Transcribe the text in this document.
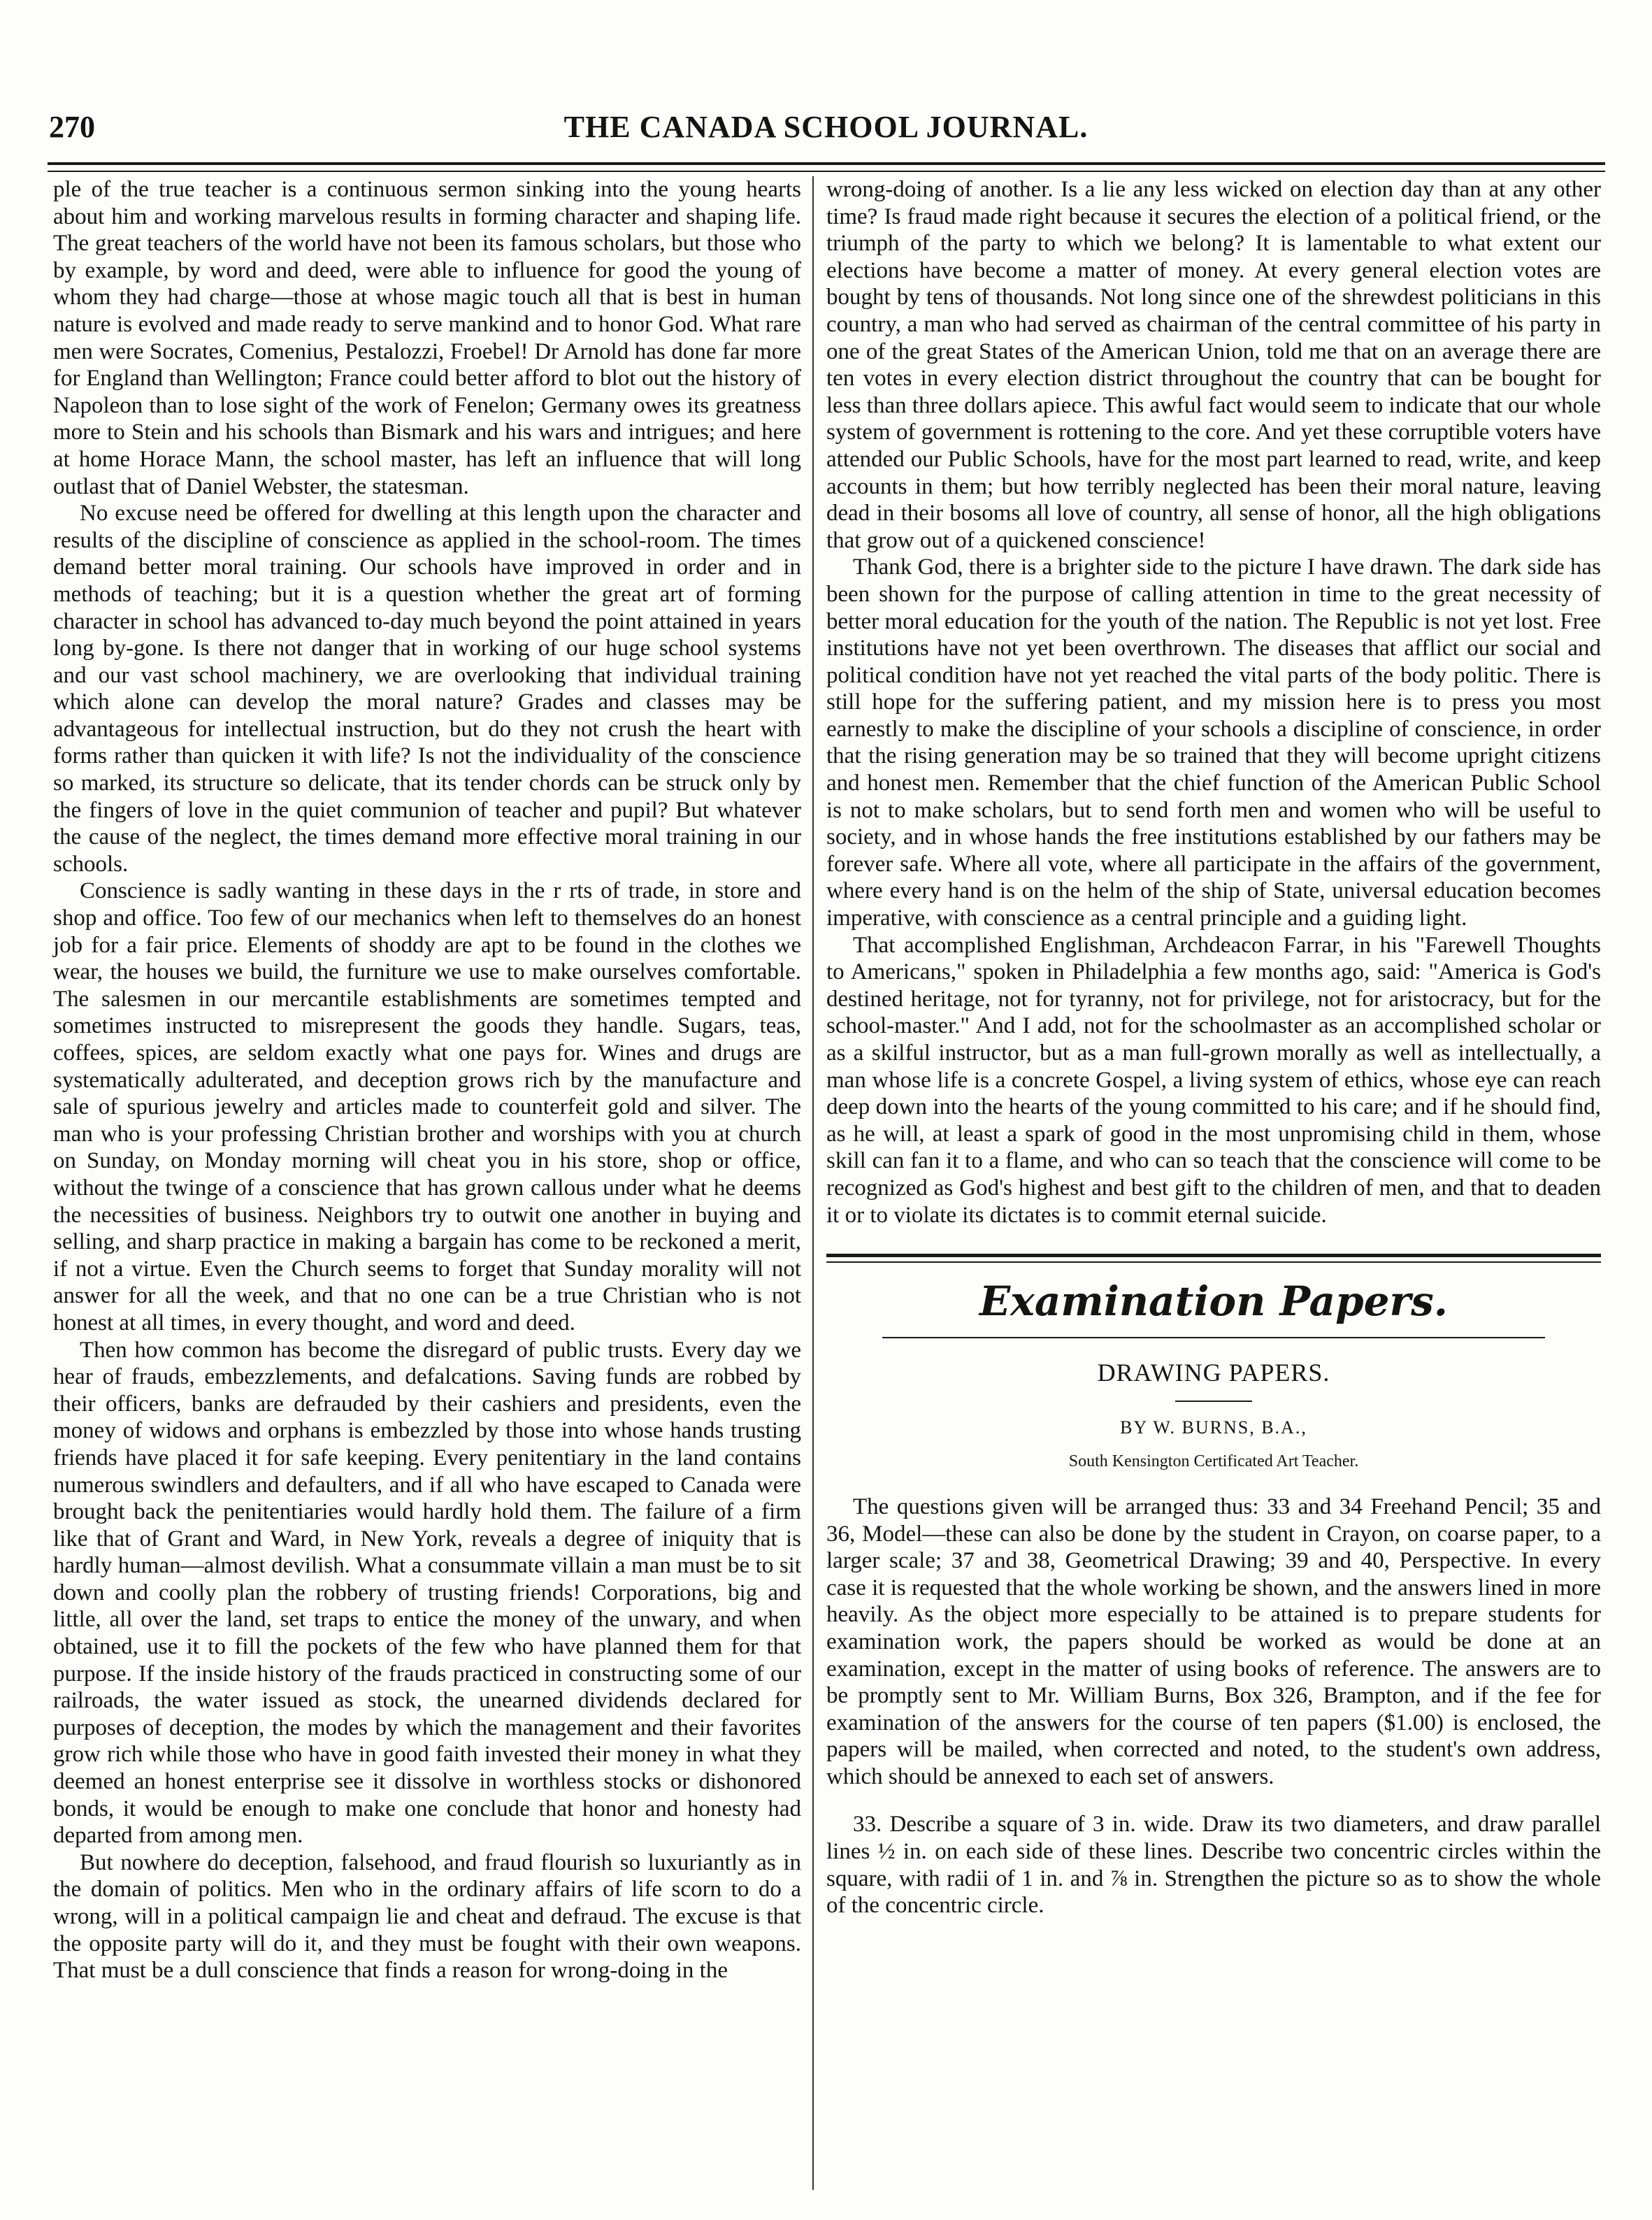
270	THE CANADA SCHOOL JOURNAL.

ple of the true teacher is a continuous sermon sinking into the young hearts about him and working marvelous results in forming character and shaping life. The great teachers of the world have not been its famous scholars, but those who by example, by word and deed, were able to influence for good the young of whom they had charge—those at whose magic touch all that is best in human nature is evolved and made ready to serve mankind and to honor God. What rare men were Socrates, Comenius, Pestalozzi, Froebel! Dr Arnold has done far more for England than Wellington; France could better afford to blot out the history of Napoleon than to lose sight of the work of Fenelon; Germany owes its greatness more to Stein and his schools than Bismark and his wars and intrigues; and here at home Horace Mann, the school master, has left an influence that will long outlast that of Daniel Webster, the statesman.

No excuse need be offered for dwelling at this length upon the character and results of the discipline of conscience as applied in the school-room. The times demand better moral training. Our schools have improved in order and in methods of teaching; but it is a question whether the great art of forming character in school has advanced to-day much beyond the point attained in years long by-gone. Is there not danger that in working of our huge school systems and our vast school machinery, we are overlooking that individual training which alone can develop the moral nature? Grades and classes may be advantageous for intellectual instruction, but do they not crush the heart with forms rather than quicken it with life? Is not the individuality of the conscience so marked, its structure so delicate, that its tender chords can be struck only by the fingers of love in the quiet communion of teacher and pupil? But whatever the cause of the neglect, the times demand more effective moral training in our schools.

Conscience is sadly wanting in these days in the r rts of trade, in store and shop and office. Too few of our mechanics when left to themselves do an honest job for a fair price. Elements of shoddy are apt to be found in the clothes we wear, the houses we build, the furniture we use to make ourselves comfortable. The salesmen in our mercantile establishments are sometimes tempted and sometimes instructed to misrepresent the goods they handle. Sugars, teas, coffees, spices, are seldom exactly what one pays for. Wines and drugs are systematically adulterated, and deception grows rich by the manufacture and sale of spurious jewelry and articles made to counterfeit gold and silver. The man who is your professing Christian brother and worships with you at church on Sunday, on Monday morning will cheat you in his store, shop or office, without the twinge of a conscience that has grown callous under what he deems the necessities of business. Neighbors try to outwit one another in buying and selling, and sharp practice in making a bargain has come to be reckoned a merit, if not a virtue. Even the Church seems to forget that Sunday morality will not answer for all the week, and that no one can be a true Christian who is not honest at all times, in every thought, and word and deed.

Then how common has become the disregard of public trusts. Every day we hear of frauds, embezzlements, and defalcations. Saving funds are robbed by their officers, banks are defrauded by their cashiers and presidents, even the money of widows and orphans is embezzled by those into whose hands trusting friends have placed it for safe keeping. Every penitentiary in the land contains numerous swindlers and defaulters, and if all who have escaped to Canada were brought back the penitentiaries would hardly hold them. The failure of a firm like that of Grant and Ward, in New York, reveals a degree of iniquity that is hardly human—almost devilish. What a consummate villain a man must be to sit down and coolly plan the robbery of trusting friends! Corporations, big and little, all over the land, set traps to entice the money of the unwary, and when obtained, use it to fill the pockets of the few who have planned them for that purpose. If the inside history of the frauds practiced in constructing some of our railroads, the water issued as stock, the unearned dividends declared for purposes of deception, the modes by which the management and their favorites grow rich while those who have in good faith invested their money in what they deemed an honest enterprise see it dissolve in worthless stocks or dishonored bonds, it would be enough to make one conclude that honor and honesty had departed from among men.

But nowhere do deception, falsehood, and fraud flourish so luxuriantly as in the domain of politics. Men who in the ordinary affairs of life scorn to do a wrong, will in a political campaign lie and cheat and defraud. The excuse is that the opposite party will do it, and they must be fought with their own weapons. That must be a dull conscience that finds a reason for wrong-doing in the

wrong-doing of another. Is a lie any less wicked on election day than at any other time? Is fraud made right because it secures the election of a political friend, or the triumph of the party to which we belong? It is lamentable to what extent our elections have become a matter of money. At every general election votes are bought by tens of thousands. Not long since one of the shrewdest politicians in this country, a man who had served as chairman of the central committee of his party in one of the great States of the American Union, told me that on an average there are ten votes in every election district throughout the country that can be bought for less than three dollars apiece. This awful fact would seem to indicate that our whole system of government is rottening to the core. And yet these corruptible voters have attended our Public Schools, have for the most part learned to read, write, and keep accounts in them; but how terribly neglected has been their moral nature, leaving dead in their bosoms all love of country, all sense of honor, all the high obligations that grow out of a quickened conscience!

Thank God, there is a brighter side to the picture I have drawn. The dark side has been shown for the purpose of calling attention in time to the great necessity of better moral education for the youth of the nation. The Republic is not yet lost. Free institutions have not yet been overthrown. The diseases that afflict our social and political condition have not yet reached the vital parts of the body politic. There is still hope for the suffering patient, and my mission here is to press you most earnestly to make the discipline of your schools a discipline of conscience, in order that the rising generation may be so trained that they will become upright citizens and honest men. Remember that the chief function of the American Public School is not to make scholars, but to send forth men and women who will be useful to society, and in whose hands the free institutions established by our fathers may be forever safe. Where all vote, where all participate in the affairs of the government, where every hand is on the helm of the ship of State, universal education becomes imperative, with conscience as a central principle and a guiding light.

That accomplished Englishman, Archdeacon Farrar, in his "Farewell Thoughts to Americans," spoken in Philadelphia a few months ago, said: "America is God's destined heritage, not for tyranny, not for privilege, not for aristocracy, but for the school-master." And I add, not for the schoolmaster as an accomplished scholar or as a skilful instructor, but as a man full-grown morally as well as intellectually, a man whose life is a concrete Gospel, a living system of ethics, whose eye can reach deep down into the hearts of the young committed to his care; and if he should find, as he will, at least a spark of good in the most unpromising child in them, whose skill can fan it to a flame, and who can so teach that the conscience will come to be recognized as God's highest and best gift to the children of men, and that to deaden it or to violate its dictates is to commit eternal suicide.

Examination Papers.
DRAWING PAPERS.
BY W. BURNS, B.A.,
South Kensington Certificated Art Teacher.

The questions given will be arranged thus: 33 and 34 Freehand Pencil; 35 and 36, Model—these can also be done by the student in Crayon, on coarse paper, to a larger scale; 37 and 38, Geometrical Drawing; 39 and 40, Perspective. In every case it is requested that the whole working be shown, and the answers lined in more heavily. As the object more especially to be attained is to prepare students for examination work, the papers should be worked as would be done at an examination, except in the matter of using books of reference. The answers are to be promptly sent to Mr. William Burns, Box 326, Brampton, and if the fee for examination of the answers for the course of ten papers ($1.00) is enclosed, the papers will be mailed, when corrected and noted, to the student's own address, which should be annexed to each set of answers.

33. Describe a square of 3 in. wide. Draw its two diameters, and draw parallel lines ½ in. on each side of these lines. Describe two concentric circles within the square, with radii of 1 in. and ⅞ in. Strengthen the picture so as to show the whole of the concentric circle.
